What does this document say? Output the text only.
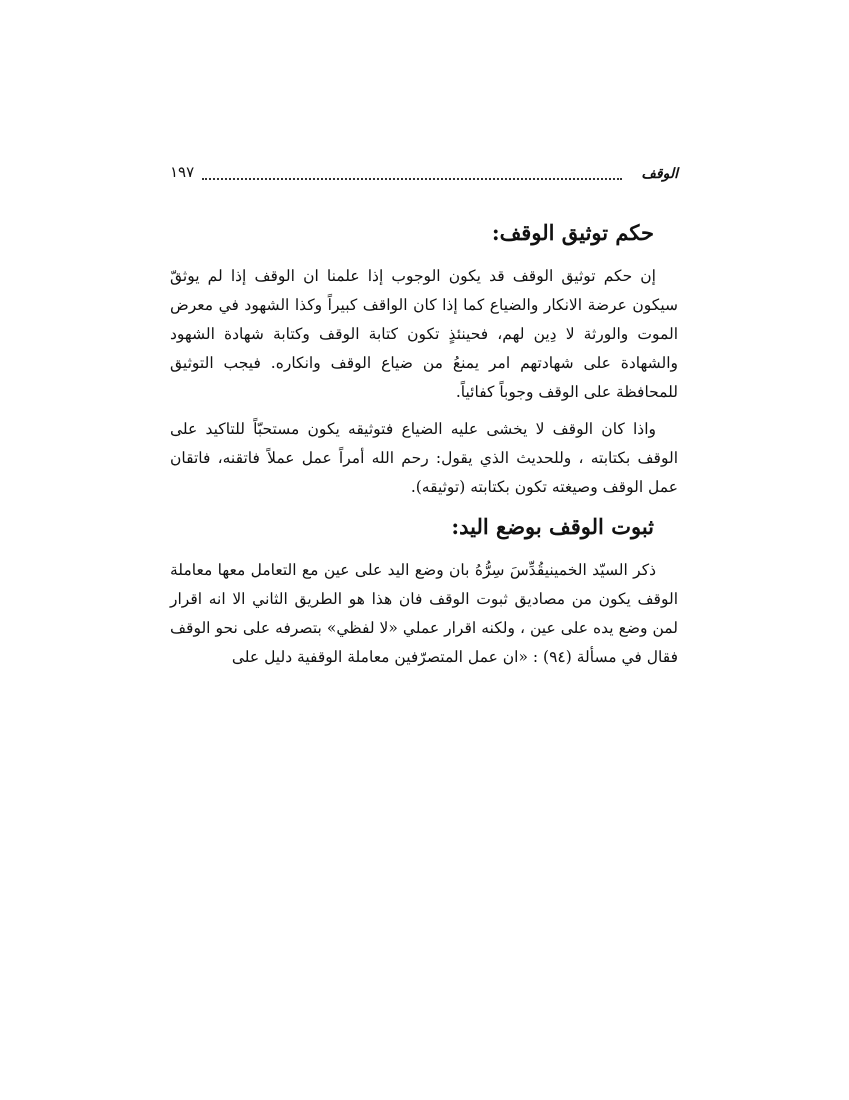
الوقف
١٩٧
حكم توثيق الوقف:

إن حكم توثيق الوقف قد يكون الوجوب إذا علمنا ان الوقف إذا لم يوثقّ سيكون عرضة الانكار والضياع كما إذا كان الواقف كبيراً وكذا الشهود في معرض الموت والورثة لا دِين لهم، فحينئذٍ تكون كتابة الوقف وكتابة شهادة الشهود والشهادة على شهادتهم امر يمنعُ من ضياع الوقف وانكاره. فيجب التوثيق للمحافظة على الوقف وجوباً كفائياً.

واذا كان الوقف لا يخشى عليه الضياع فتوثيقه يكون مستحبّاً للتاكيد على الوقف بكتابته ، وللحديث الذي يقول: رحم الله أمراً عمل عملاً فاتقنه، فاتقان عمل الوقف وصيغته تكون بكتابته (توثيقه).

ثبوت الوقف بوضع اليد:

ذكر السيّد الخمينيقُدِّسَ سِرُّهُ بان وضع اليد على عين مع التعامل معها معاملة الوقف يكون من مصاديق ثبوت الوقف فان هذا هو الطريق الثاني الا انه اقرار لمن وضع يده على عين ، ولكنه اقرار عملي «لا لفظي» بتصرفه على نحو الوقف فقال في مسألة (٩٤) : «ان عمل المتصرّفين معاملة الوقفية دليل على
